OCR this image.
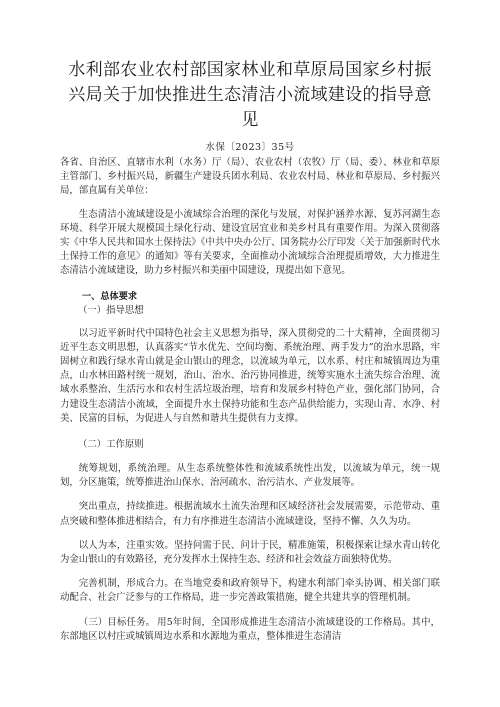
水利部农业农村部国家林业和草原局国家乡村振
兴局关于加快推进生态清洁小流域建设的指导意见
水保〔2023〕35号

各省、自治区、直辖市水利（水务）厅（局）、农业农村（农牧）厅（局、委）、林业和草原主管部门、乡村振兴局，新疆生产建设兵团水利局、农业农村局、林业和草原局、乡村振兴局，部直属有关单位：

生态清洁小流域建设是小流域综合治理的深化与发展，对保护涵养水源、复苏河湖生态环境、科学开展大规模国土绿化行动、建设宜居宜业和美乡村具有重要作用。为深入贯彻落实《中华人民共和国水土保持法》《中共中央办公厅、国务院办公厅印发〈关于加强新时代水土保持工作的意见〉的通知》等有关要求，全面推动小流域综合治理提质增效，大力推进生态清洁小流域建设，助力乡村振兴和美丽中国建设，现提出如下意见。

一、总体要求
（一）指导思想

以习近平新时代中国特色社会主义思想为指导，深入贯彻党的二十大精神，全面贯彻习近平生态文明思想，认真落实“节水优先、空间均衡、系统治理、两手发力”的治水思路，牢固树立和践行绿水青山就是金山银山的理念，以流域为单元，以水系、村庄和城镇周边为重点，山水林田路村统一规划，治山、治水、治污协同推进，统筹实施水土流失综合治理、流域水系整治、生活污水和农村生活垃圾治理，培育和发展乡村特色产业，强化部门协同，合力建设生态清洁小流域，全面提升水土保持功能和生态产品供给能力，实现山青、水净、村美、民富的目标，为促进人与自然和谐共生提供有力支撑。

（二）工作原则

统筹规划，系统治理。从生态系统整体性和流域系统性出发，以流域为单元，统一规划，分区施策，统筹推进治山保水、治河疏水、治污洁水、产业发展等。

突出重点，持续推进。根据流域水土流失治理和区域经济社会发展需要，示范带动、重点突破和整体推进相结合，有力有序推进生态清洁小流域建设，坚持不懈、久久为功。

以人为本，注重实效。坚持问需于民、问计于民，精准施策，积极探索让绿水青山转化为金山银山的有效路径，充分发挥水土保持生态、经济和社会效益方面独特优势。

完善机制，形成合力。在当地党委和政府领导下，构建水利部门牵头协调、相关部门联动配合、社会广泛参与的工作格局，进一步完善政策措施，健全共建共享的管理机制。

（三）目标任务。 用5年时间，全国形成推进生态清洁小流域建设的工作格局。其中，东部地区以村庄或城镇周边水系和水源地为重点，整体推进生态清洁
